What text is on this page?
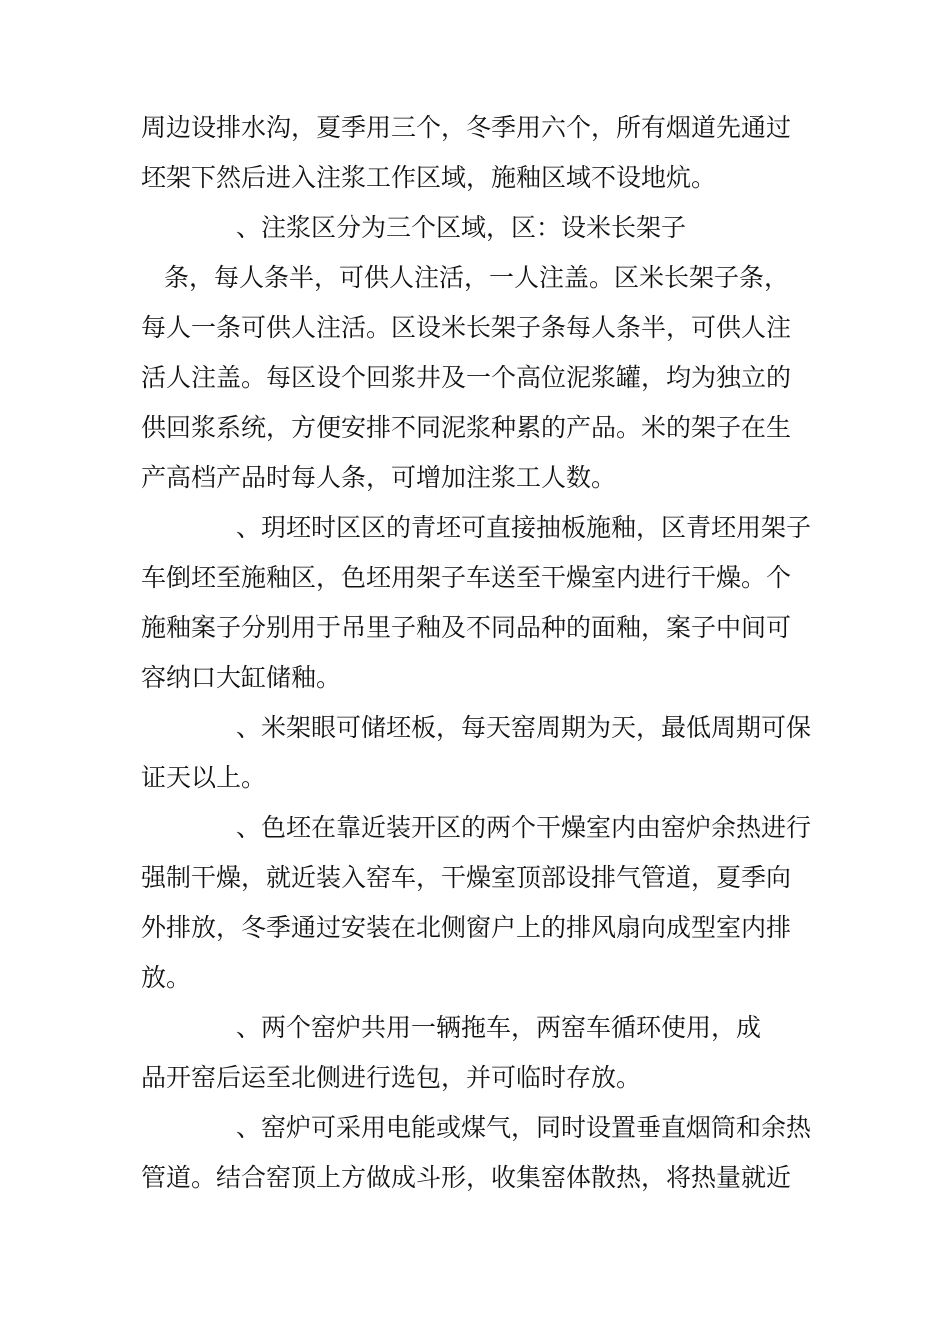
周边设排水沟，夏季用三个，冬季用六个，所有烟道先通过
坯架下然后进入注浆工作区域，施釉区域不设地炕。
、注浆区分为三个区域，区：设米长架子
条，每人条半，可供人注活，一人注盖。区米长架子条，
每人一条可供人注活。区设米长架子条每人条半，可供人注
活人注盖。每区设个回浆井及一个高位泥浆罐，均为独立的
供回浆系统，方便安排不同泥浆种累的产品。米的架子在生
产高档产品时每人条，可增加注浆工人数。
、玥坯时区区的青坯可直接抽板施釉，区青坯用架子
车倒坯至施釉区，色坯用架子车送至干燥室内进行干燥。个
施釉案子分别用于吊里子釉及不同品种的面釉，案子中间可
容纳口大缸储釉。
、米架眼可储坯板，每天窑周期为天，最低周期可保
证天以上。
、色坯在靠近装开区的两个干燥室内由窑炉余热进行
强制干燥，就近装入窑车，干燥室顶部设排气管道，夏季向
外排放，冬季通过安装在北侧窗户上的排风扇向成型室内排
放。
、两个窑炉共用一辆拖车，两窑车循环使用，成
品开窑后运至北侧进行选包，并可临时存放。
、窑炉可采用电能或煤气，同时设置垂直烟筒和余热
管道。结合窑顶上方做成斗形，收集窑体散热，将热量就近
